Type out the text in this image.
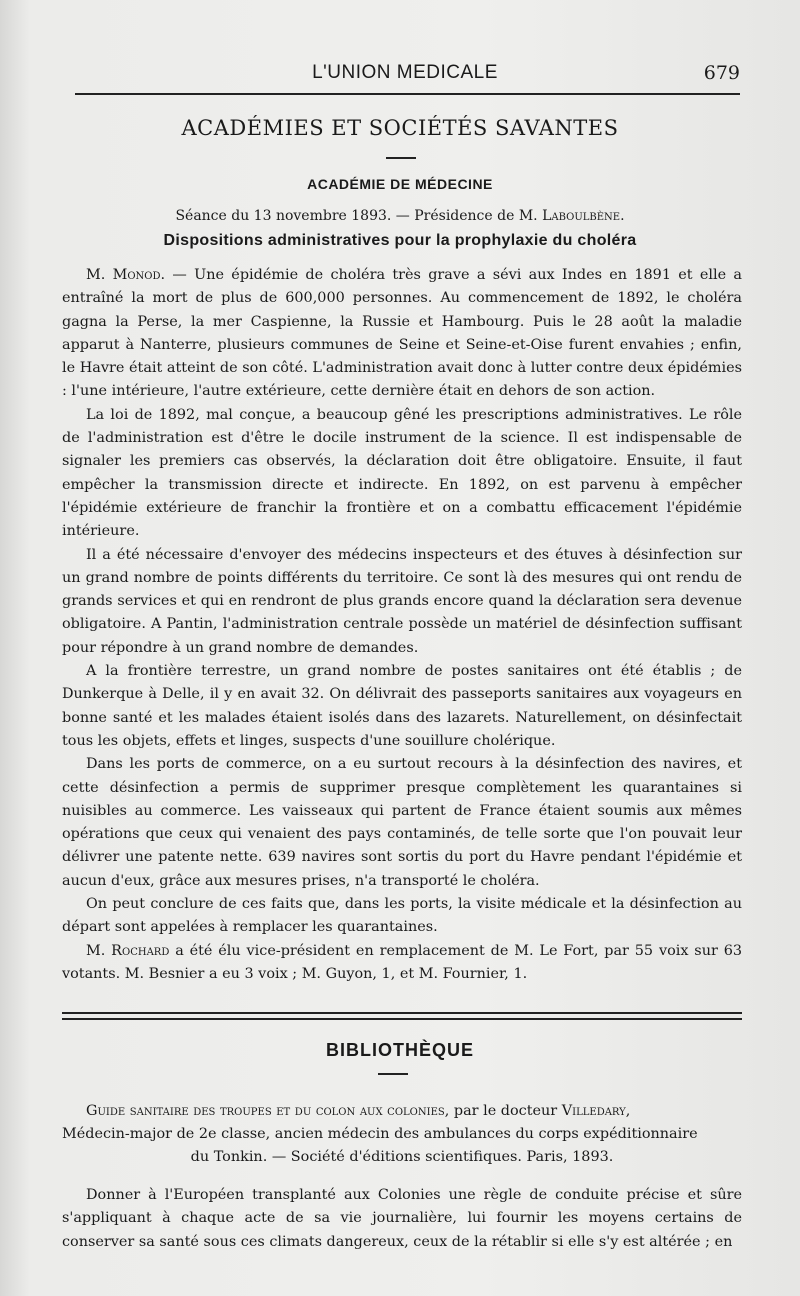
L'UNION MEDICALE	679
ACADÉMIES ET SOCIÉTÉS SAVANTES
ACADÉMIE DE MÉDECINE
Séance du 13 novembre 1893. — Présidence de M. Laboulbène.
Dispositions administratives pour la prophylaxie du choléra

M. Monod. — Une épidémie de choléra très grave a sévi aux Indes en 1891 et elle a entraîné la mort de plus de 600,000 personnes. Au commencement de 1892, le choléra gagna la Perse, la mer Caspienne, la Russie et Hambourg. Puis le 28 août la maladie apparut à Nanterre, plusieurs communes de Seine et Seine-et-Oise furent envahies ; enfin, le Havre était atteint de son côté. L'administration avait donc à lutter contre deux épidémies : l'une intérieure, l'autre extérieure, cette dernière était en dehors de son action.

La loi de 1892, mal conçue, a beaucoup gêné les prescriptions administratives. Le rôle de l'administration est d'être le docile instrument de la science. Il est indispensable de signaler les premiers cas observés, la déclaration doit être obligatoire. Ensuite, il faut empêcher la transmission directe et indirecte. En 1892, on est parvenu à empêcher l'épidémie extérieure de franchir la frontière et on a combattu efficacement l'épidémie intérieure.

Il a été nécessaire d'envoyer des médecins inspecteurs et des étuves à désinfection sur un grand nombre de points différents du territoire. Ce sont là des mesures qui ont rendu de grands services et qui en rendront de plus grands encore quand la déclaration sera devenue obligatoire. A Pantin, l'administration centrale possède un matériel de désinfection suffisant pour répondre à un grand nombre de demandes.

A la frontière terrestre, un grand nombre de postes sanitaires ont été établis ; de Dunkerque à Delle, il y en avait 32. On délivrait des passeports sanitaires aux voyageurs en bonne santé et les malades étaient isolés dans des lazarets. Naturellement, on désinfectait tous les objets, effets et linges, suspects d'une souillure cholérique.

Dans les ports de commerce, on a eu surtout recours à la désinfection des navires, et cette désinfection a permis de supprimer presque complètement les quarantaines si nuisibles au commerce. Les vaisseaux qui partent de France étaient soumis aux mêmes opérations que ceux qui venaient des pays contaminés, de telle sorte que l'on pouvait leur délivrer une patente nette. 639 navires sont sortis du port du Havre pendant l'épidémie et aucun d'eux, grâce aux mesures prises, n'a transporté le choléra.

On peut conclure de ces faits que, dans les ports, la visite médicale et la désinfection au départ sont appelées à remplacer les quarantaines.

M. Rochard a été élu vice-président en remplacement de M. Le Fort, par 55 voix sur 63 votants. M. Besnier a eu 3 voix ; M. Guyon, 1, et M. Fournier, 1.

BIBLIOTHÈQUE
Guide sanitaire des troupes et du colon aux colonies, par le docteur Villedary,
Médecin-major de 2e classe, ancien médecin des ambulances du corps expéditionnaire
du Tonkin. — Société d'éditions scientifiques. Paris, 1893.

Donner à l'Européen transplanté aux Colonies une règle de conduite précise et sûre s'appliquant à chaque acte de sa vie journalière, lui fournir les moyens certains de conserver sa santé sous ces climats dangereux, ceux de la rétablir si elle s'y est altérée ; en
